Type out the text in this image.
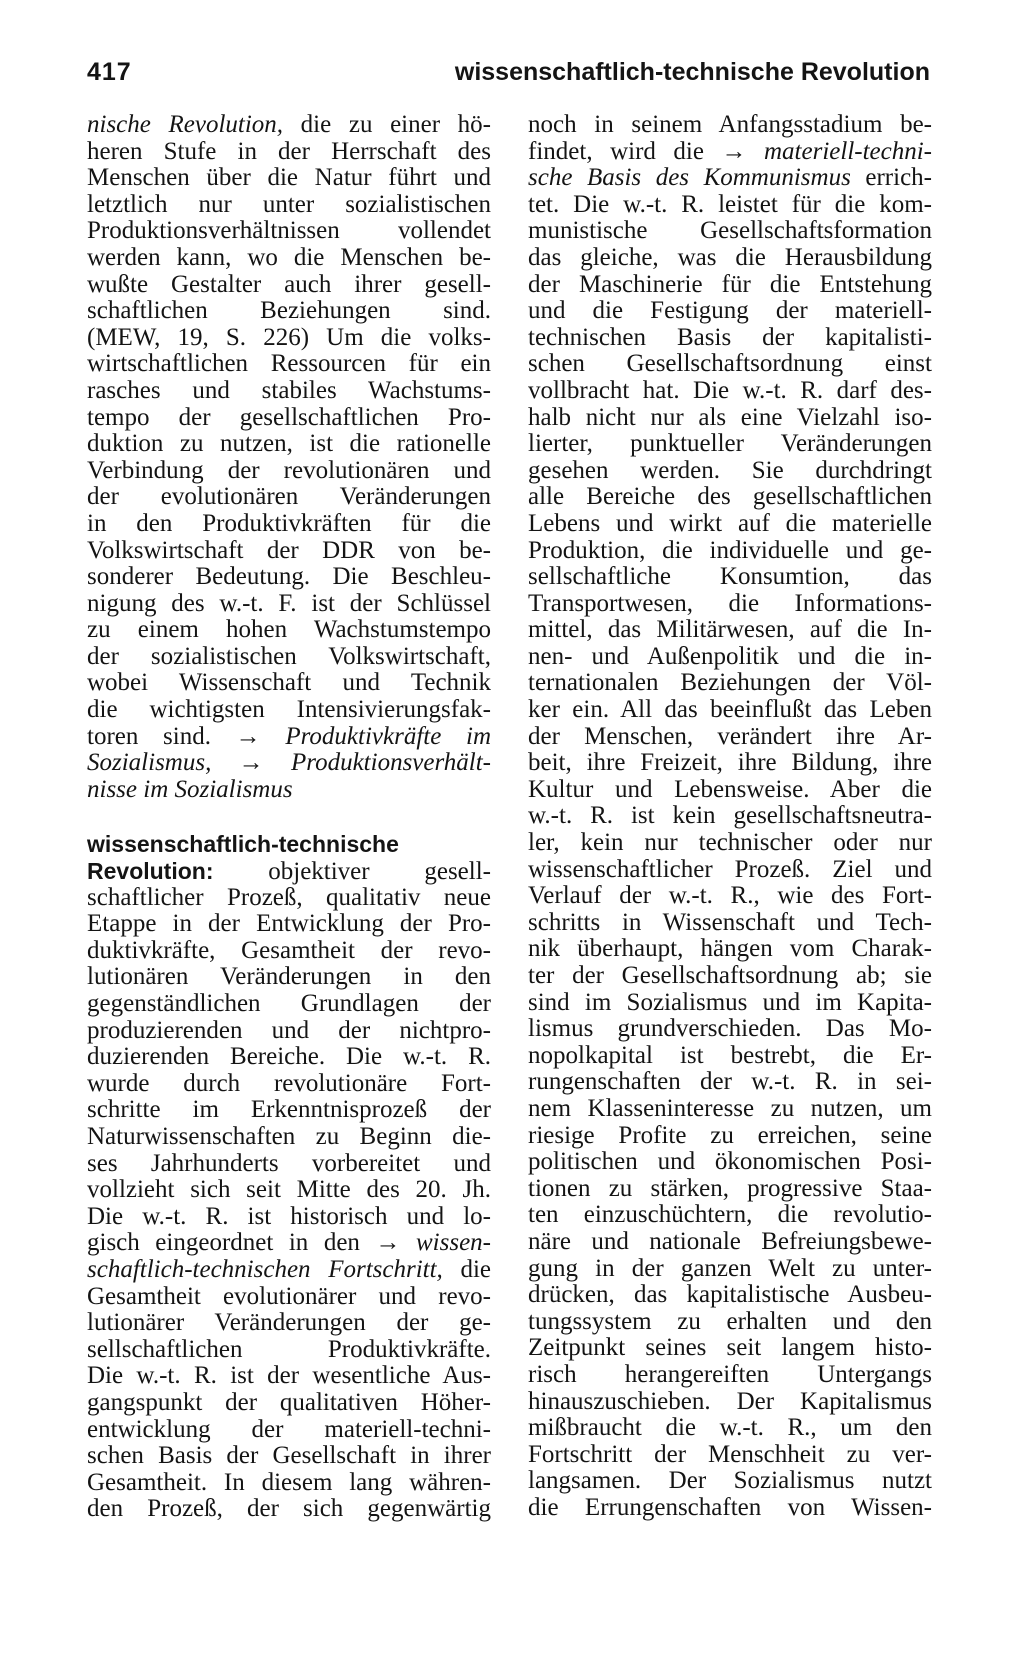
417	wissenschaftlich-technische Revolution
nische Revolution, die zu einer hö-
heren Stufe in der Herrschaft des
Menschen über die Natur führt und
letztlich nur unter sozialistischen
Produktionsverhältnissen vollendet
werden kann, wo die Menschen be-
wußte Gestalter auch ihrer gesell-
schaftlichen Beziehungen sind.
(MEW, 19, S. 226) Um die volks-
wirtschaftlichen Ressourcen für ein
rasches und stabiles Wachstums-
tempo der gesellschaftlichen Pro-
duktion zu nutzen, ist die rationelle
Verbindung der revolutionären und
der evolutionären Veränderungen
in den Produktivkräften für die
Volkswirtschaft der DDR von be-
sonderer Bedeutung. Die Beschleu-
nigung des w.-t. F. ist der Schlüssel
zu einem hohen Wachstumstempo
der sozialistischen Volkswirtschaft,
wobei Wissenschaft und Technik
die wichtigsten Intensivierungsfak-
toren sind. → Produktivkräfte im
Sozialismus, → Produktionsverhält-
nisse im Sozialismus
wissenschaftlich-technische
Revolution: objektiver gesell-
schaftlicher Prozeß, qualitativ neue
Etappe in der Entwicklung der Pro-
duktivkräfte, Gesamtheit der revo-
lutionären Veränderungen in den
gegenständlichen Grundlagen der
produzierenden und der nichtpro-
duzierenden Bereiche. Die w.-t. R.
wurde durch revolutionäre Fort-
schritte im Erkenntnisprozeß der
Naturwissenschaften zu Beginn die-
ses Jahrhunderts vorbereitet und
vollzieht sich seit Mitte des 20. Jh.
Die w.-t. R. ist historisch und lo-
gisch eingeordnet in den → wissen-
schaftlich-technischen Fortschritt, die
Gesamtheit evolutionärer und revo-
lutionärer Veränderungen der ge-
sellschaftlichen Produktivkräfte.
Die w.-t. R. ist der wesentliche Aus-
gangspunkt der qualitativen Höher-
entwicklung der materiell-techni-
schen Basis der Gesellschaft in ihrer
Gesamtheit. In diesem lang währen-
den Prozeß, der sich gegenwärtig
noch in seinem Anfangsstadium be-
findet, wird die → materiell-techni-
sche Basis des Kommunismus errich-
tet. Die w.-t. R. leistet für die kom-
munistische Gesellschaftsformation
das gleiche, was die Herausbildung
der Maschinerie für die Entstehung
und die Festigung der materiell-
technischen Basis der kapitalisti-
schen Gesellschaftsordnung einst
vollbracht hat. Die w.-t. R. darf des-
halb nicht nur als eine Vielzahl iso-
lierter, punktueller Veränderungen
gesehen werden. Sie durchdringt
alle Bereiche des gesellschaftlichen
Lebens und wirkt auf die materielle
Produktion, die individuelle und ge-
sellschaftliche Konsumtion, das
Transportwesen, die Informations-
mittel, das Militärwesen, auf die In-
nen- und Außenpolitik und die in-
ternationalen Beziehungen der Völ-
ker ein. All das beeinflußt das Leben
der Menschen, verändert ihre Ar-
beit, ihre Freizeit, ihre Bildung, ihre
Kultur und Lebensweise. Aber die
w.-t. R. ist kein gesellschaftsneutra-
ler, kein nur technischer oder nur
wissenschaftlicher Prozeß. Ziel und
Verlauf der w.-t. R., wie des Fort-
schritts in Wissenschaft und Tech-
nik überhaupt, hängen vom Charak-
ter der Gesellschaftsordnung ab; sie
sind im Sozialismus und im Kapita-
lismus grundverschieden. Das Mo-
nopolkapital ist bestrebt, die Er-
rungenschaften der w.-t. R. in sei-
nem Klasseninteresse zu nutzen, um
riesige Profite zu erreichen, seine
politischen und ökonomischen Posi-
tionen zu stärken, progressive Staa-
ten einzuschüchtern, die revolutio-
näre und nationale Befreiungsbewe-
gung in der ganzen Welt zu unter-
drücken, das kapitalistische Ausbeu-
tungssystem zu erhalten und den
Zeitpunkt seines seit langem histo-
risch herangereiften Untergangs
hinauszuschieben. Der Kapitalismus
mißbraucht die w.-t. R., um den
Fortschritt der Menschheit zu ver-
langsamen. Der Sozialismus nutzt
die Errungenschaften von Wissen-
